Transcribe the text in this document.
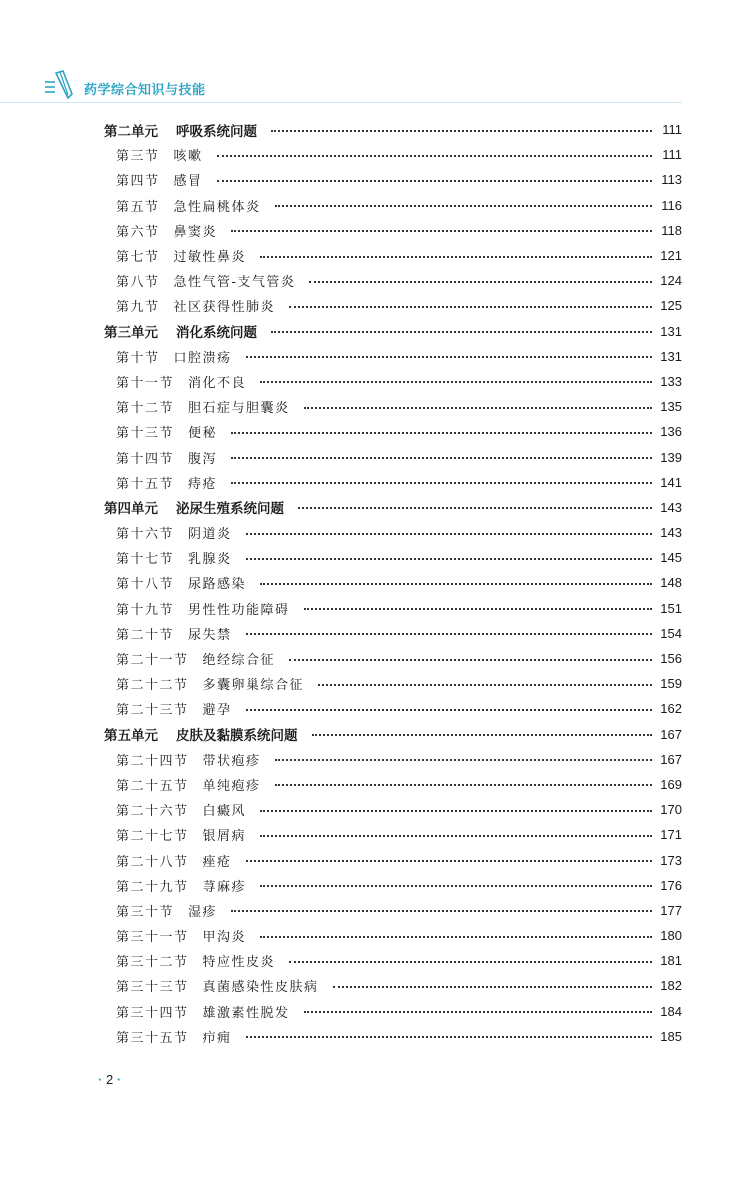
药学综合知识与技能
第二单元 呼吸系统问题	111
第三节 咳嗽	111
第四节 感冒	113
第五节 急性扁桃体炎	116
第六节 鼻窦炎	118
第七节 过敏性鼻炎	121
第八节 急性气管-支气管炎	124
第九节 社区获得性肺炎	125
第三单元 消化系统问题	131
第十节 口腔溃疡	131
第十一节 消化不良	133
第十二节 胆石症与胆囊炎	135
第十三节 便秘	136
第十四节 腹泻	139
第十五节 痔疮	141
第四单元 泌尿生殖系统问题	143
第十六节 阴道炎	143
第十七节 乳腺炎	145
第十八节 尿路感染	148
第十九节 男性性功能障碍	151
第二十节 尿失禁	154
第二十一节 绝经综合征	156
第二十二节 多囊卵巢综合征	159
第二十三节 避孕	162
第五单元 皮肤及黏膜系统问题	167
第二十四节 带状疱疹	167
第二十五节 单纯疱疹	169
第二十六节 白癜风	170
第二十七节 银屑病	171
第二十八节 痤疮	173
第二十九节 荨麻疹	176
第三十节 湿疹	177
第三十一节 甲沟炎	180
第三十二节 特应性皮炎	181
第三十三节 真菌感染性皮肤病	182
第三十四节 雄激素性脱发	184
第三十五节 疖痈	185
· 2 ·
